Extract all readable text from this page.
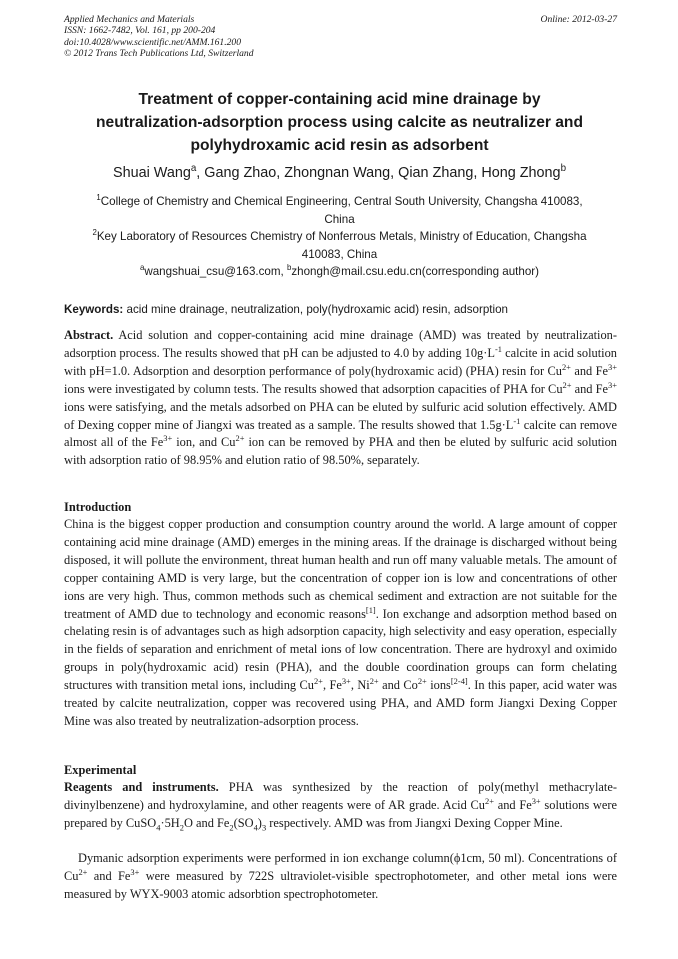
Applied Mechanics and Materials
ISSN: 1662-7482, Vol. 161, pp 200-204
doi:10.4028/www.scientific.net/AMM.161.200
© 2012 Trans Tech Publications Ltd, Switzerland
Online: 2012-03-27
Treatment of copper-containing acid mine drainage by
neutralization-adsorption process using calcite as neutralizer and
polyhydroxamic acid resin as adsorbent
Shuai Wang$^a$, Gang Zhao, Zhongnan Wang, Qian Zhang, Hong Zhong$^b$
$^1$College of Chemistry and Chemical Engineering, Central South University, Changsha 410083,
China
$^2$Key Laboratory of Resources Chemistry of Nonferrous Metals, Ministry of Education, Changsha
410083, China
$^a$wangshuai_csu@163.com, $^b$zhongh@mail.csu.edu.cn(corresponding author)
Keywords: acid mine drainage, neutralization, poly(hydroxamic acid) resin, adsorption
Abstract. Acid solution and copper-containing acid mine drainage (AMD) was treated by neutralization-adsorption process. The results showed that pH can be adjusted to 4.0 by adding $10g\cdot L^{-1}$ calcite in acid solution with pH=1.0. Adsorption and desorption performance of poly(hydroxamic acid) (PHA) resin for $Cu^{2+}$ and $Fe^{3+}$ ions were investigated by column tests. The results showed that adsorption capacities of PHA for $Cu^{2+}$ and $Fe^{3+}$ ions were satisfying, and the metals adsorbed on PHA can be eluted by sulfuric acid solution effectively. AMD of Dexing copper mine of Jiangxi was treated as a sample. The results showed that $1.5g\cdot L^{-1}$ calcite can remove almost all of the $Fe^{3+}$ ion, and $Cu^{2+}$ ion can be removed by PHA and then be eluted by sulfuric acid solution with adsorption ratio of 98.95% and elution ratio of 98.50%, separately.
Introduction
China is the biggest copper production and consumption country around the world. A large amount of copper containing acid mine drainage (AMD) emerges in the mining areas. If the drainage is discharged without being disposed, it will pollute the environment, threat human health and run off many valuable metals. The amount of copper containing AMD is very large, but the concentration of copper ion is low and concentrations of other ions are very high. Thus, common methods such as chemical sediment and extraction are not suitable for the treatment of AMD due to technology and economic reasons[1]. Ion exchange and adsorption method based on chelating resin is of advantages such as high adsorption capacity, high selectivity and easy operation, especially in the fields of separation and enrichment of metal ions of low concentration. There are hydroxyl and oximido groups in poly(hydroxamic acid) resin (PHA), and the double coordination groups can form chelating structures with transition metal ions, including $Cu^{2+}$, $Fe^{3+}$, $Ni^{2+}$ and $Co^{2+}$ ions[2-4]. In this paper, acid water was treated by calcite neutralization, copper was recovered using PHA, and AMD form Jiangxi Dexing Copper Mine was also treated by neutralization-adsorption process.
Experimental
Reagents and instruments. PHA was synthesized by the reaction of poly(methyl methacrylate-divinylbenzene) and hydroxylamine, and other reagents were of AR grade. Acid $Cu^{2+}$ and $Fe^{3+}$ solutions were prepared by $CuSO_4\cdot 5H_2O$ and $Fe_2(SO_4)_3$ respectively. AMD was from Jiangxi Dexing Copper Mine.
Dymanic adsorption experiments were performed in ion exchange column(ϕ1cm, 50 ml). Concentrations of $Cu^{2+}$ and $Fe^{3+}$ were measured by 722S ultraviolet-visible spectrophotometer, and other metal ions were measured by WYX-9003 atomic adsorbtion spectrophotometer.
